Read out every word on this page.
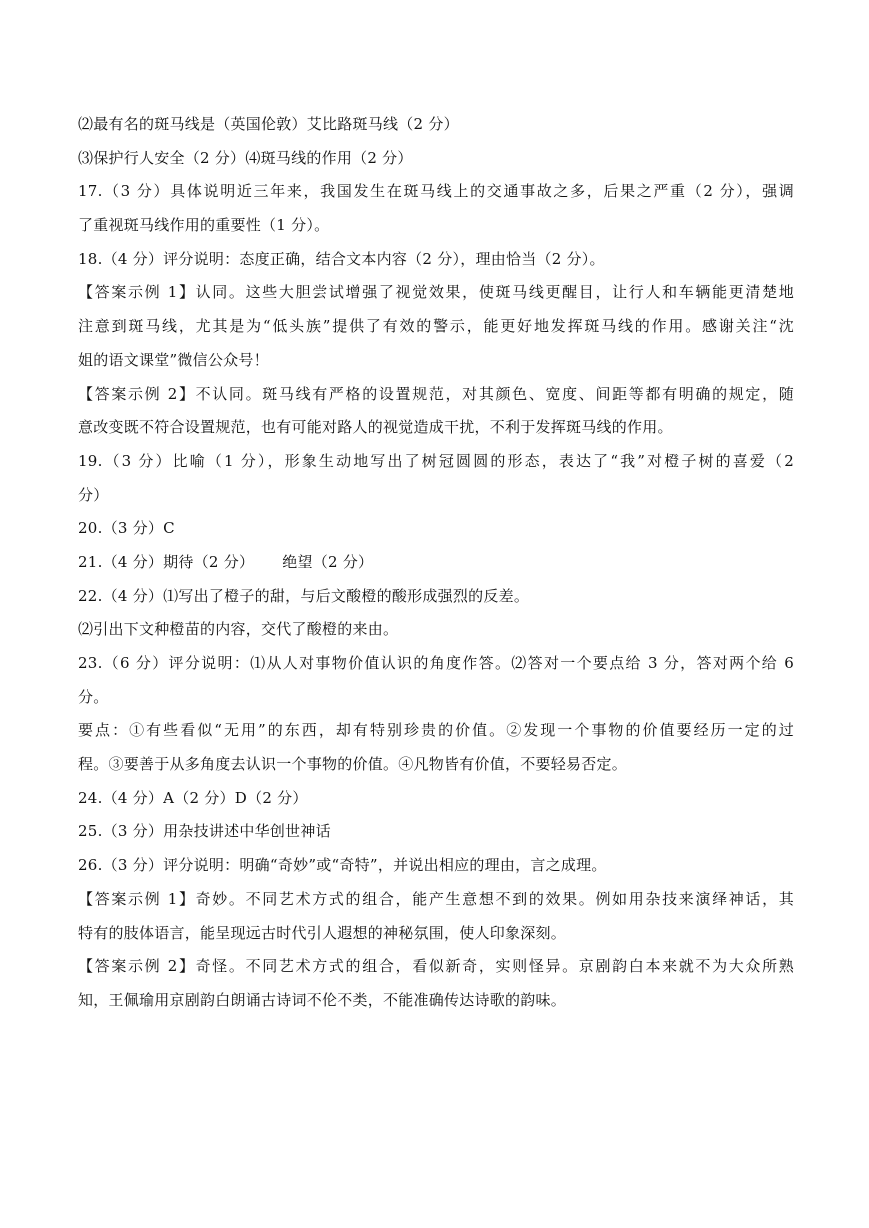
⑵最有名的斑马线是（英国伦敦）艾比路斑马线（2 分）
⑶保护行人安全（2 分）⑷斑马线的作用（2 分）
17.（3 分）具体说明近三年来，我国发生在斑马线上的交通事故之多，后果之严重（2 分），强调
了重视斑马线作用的重要性（1 分）。
18.（4 分）评分说明：态度正确，结合文本内容（2 分），理由恰当（2 分）。
【答案示例 1】认同。这些大胆尝试增强了视觉效果，使斑马线更醒目，让行人和车辆能更清楚地
注意到斑马线，尤其是为“低头族”提供了有效的警示，能更好地发挥斑马线的作用。感谢关注“沈
姐的语文课堂”微信公众号！
【答案示例 2】不认同。斑马线有严格的设置规范，对其颜色、宽度、间距等都有明确的规定，随
意改变既不符合设置规范，也有可能对路人的视觉造成干扰，不利于发挥斑马线的作用。
19.（3 分）比喻（1 分），形象生动地写出了树冠圆圆的形态，表达了“我”对橙子树的喜爱（2
分）
20.（3 分）C
21.（4 分）期待（2 分） 绝望（2 分）
22.（4 分）⑴写出了橙子的甜，与后文酸橙的酸形成强烈的反差。
⑵引出下文种橙苗的内容，交代了酸橙的来由。
23.（6 分）评分说明：⑴从人对事物价值认识的角度作答。⑵答对一个要点给 3 分，答对两个给 6
分。
要点：①有些看似“无用”的东西，却有特别珍贵的价值。②发现一个事物的价值要经历一定的过
程。③要善于从多角度去认识一个事物的价值。④凡物皆有价值，不要轻易否定。
24.（4 分）A（2 分）D（2 分）
25.（3 分）用杂技讲述中华创世神话
26.（3 分）评分说明：明确“奇妙”或“奇特”，并说出相应的理由，言之成理。
【答案示例 1】奇妙。不同艺术方式的组合，能产生意想不到的效果。例如用杂技来演绎神话，其
特有的肢体语言，能呈现远古时代引人遐想的神秘氛围，使人印象深刻。
【答案示例 2】奇怪。不同艺术方式的组合，看似新奇，实则怪异。京剧韵白本来就不为大众所熟
知，王佩瑜用京剧韵白朗诵古诗词不伦不类，不能准确传达诗歌的韵味。
